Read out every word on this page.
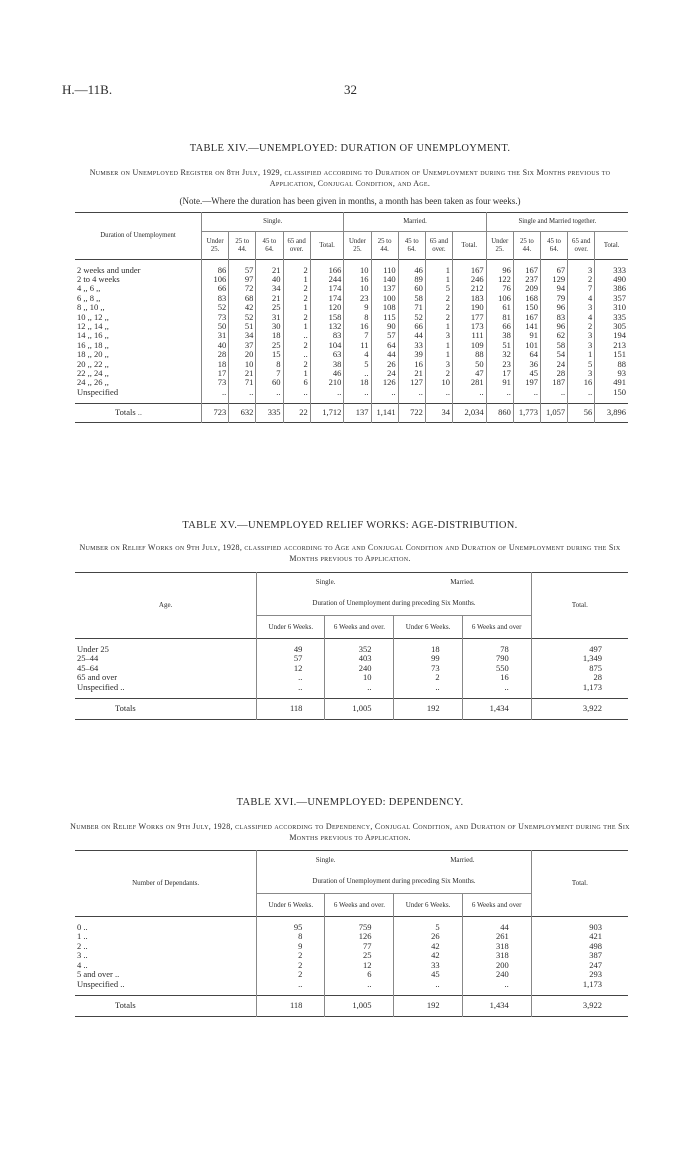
H.—11B.	32
TABLE XIV.—UNEMPLOYED: DURATION OF UNEMPLOYMENT.
Number on Unemployed Register on 8th July, 1929, classified according to Duration of Unemployment during the Six Months previous to Application, Conjugal Condition, and Age.
(Note.—Where the duration has been given in months, a month has been taken as four weeks.)
Duration of Unemployment	Single.					Married.					Single and Married together.				
	Under 25.	25 to 44.	45 to 64.	65 and over.	Total.	Under 25.	25 to 44.	45 to 64.	65 and over.	Total.	Under 25.	25 to 44.	45 to 64.	65 and over.	Total.

2 weeks and under	86	57	21	2	166	10	110	46	1	167	96	167	67	3	333
2 to 4 weeks	106	97	40	1	244	16	140	89	1	246	122	237	129	2	490
4 ,, 6 ,,	66	72	34	2	174	10	137	60	5	212	76	209	94	7	386
6 ,, 8 ,,	83	68	21	2	174	23	100	58	2	183	106	168	79	4	357
8 ,, 10 ,,	52	42	25	1	120	9	108	71	2	190	61	150	96	3	310
10 ,, 12 ,,	73	52	31	2	158	8	115	52	2	177	81	167	83	4	335
12 ,, 14 ,,	50	51	30	1	132	16	90	66	1	173	66	141	96	2	305
14 ,, 16 ,,	31	34	18	..	83	7	57	44	3	111	38	91	62	3	194
16 ,, 18 ,,	40	37	25	2	104	11	64	33	1	109	51	101	58	3	213
18 ,, 20 ,,	28	20	15	..	63	4	44	39	1	88	32	64	54	1	151
20 ,, 22 ,,	18	10	8	2	38	5	26	16	3	50	23	36	24	5	88
22 ,, 24 ,,	17	21	7	1	46	..	24	21	2	47	17	45	28	3	93
24 ,, 26 ,,	73	71	60	6	210	18	126	127	10	281	91	197	187	16	491
Unspecified	..	..	..	..	..	..	..	..	..	..	..	..	..	..	150

Totals ..	723	632	335	22	1,712	137	1,141	722	34	2,034	860	1,773	1,057	56	3,896
TABLE XV.—UNEMPLOYED RELIEF WORKS: AGE-DISTRIBUTION.
Number on Relief Works on 9th July, 1928, classified according to Age and Conjugal Condition and Duration of Unemployment during the Six Months previous to Application.
Age.	Single.		Married.		Total.
	Duration of Unemployment during preceding Six Months.				
	Under 6 Weeks.	6 Weeks and over.	Under 6 Weeks.	6 Weeks and over	

Under 25	49	352	18	78	497
25–44	57	403	99	790	1,349
45–64	12	240	73	550	875
65 and over	..	10	2	16	28
Unspecified ..	..	..	..	..	1,173

Totals	118	1,005	192	1,434	3,922
TABLE XVI.—UNEMPLOYED: DEPENDENCY.
Number on Relief Works on 9th July, 1928, classified according to Dependency, Conjugal Condition, and Duration of Unemployment during the Six Months previous to Application.
Number of Dependants.	Single.		Married.		Total.
	Duration of Unemployment during preceding Six Months.				
	Under 6 Weeks.	6 Weeks and over.	Under 6 Weeks.	6 Weeks and over	

0 ..	95	759	5	44	903
1 ..	8	126	26	261	421
2 ..	9	77	42	318	498
3 ..	2	25	42	318	387
4 ..	2	12	33	200	247
5 and over ..	2	6	45	240	293
Unspecified ..	..	..	..	..	1,173

Totals	118	1,005	192	1,434	3,922
